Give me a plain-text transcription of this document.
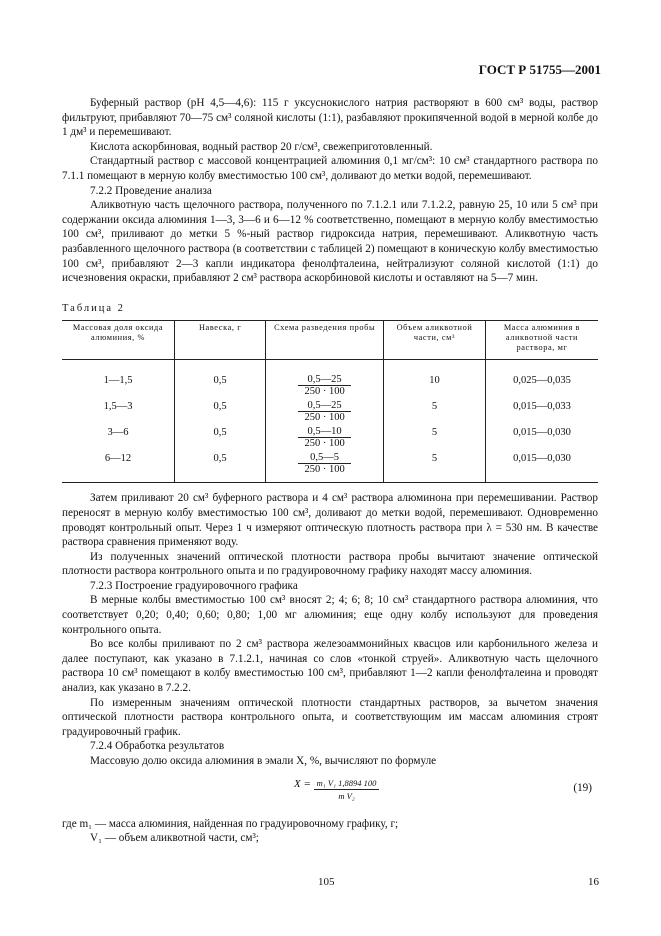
ГОСТ Р 51755—2001

Буферный раствор (pH 4,5—4,6): 115 г уксуснокислого натрия растворяют в 600 см³ воды, раствор фильтруют, прибавляют 70—75 см³ соляной кислоты (1:1), разбавляют прокипяченной водой в мерной колбе до 1 дм³ и перемешивают.

Кислота аскорбиновая, водный раствор 20 г/см³, свежеприготовленный.

Стандартный раствор с массовой концентрацией алюминия 0,1 мг/см³: 10 см³ стандартного раствора по 7.1.1 помещают в мерную колбу вместимостью 100 см³, доливают до метки водой, перемешивают.

7.2.2 Проведение анализа

Аликвотную часть щелочного раствора, полученного по 7.1.2.1 или 7.1.2.2, равную 25, 10 или 5 см³ при содержании оксида алюминия 1—3, 3—6 и 6—12 % соответственно, помещают в мерную колбу вместимостью 100 см³, приливают до метки 5 %-ный раствор гидроксида натрия, перемешивают. Аликвотную часть разбавленного щелочного раствора (в соответствии с таблицей 2) помещают в коническую колбу вместимостью 100 см³, прибавляют 2—3 капли индикатора фенолфталеина, нейтрализуют соляной кислотой (1:1) до исчезновения окраски, прибавляют 2 см³ раствора аскорбиновой кислоты и оставляют на 5—7 мин.

Таблица 2

Массовая доля оксида алюминия, %	Навеска, г	Схема разведения пробы	Объем аликвотной части, см³	Масса алюминия в аликвотной части раствора, мг
1—1,5	0,5	$\frac{0,5—25}{250 \cdot 100}$	10	0,025—0,035
1,5—3	0,5	$\frac{0,5—25}{250 \cdot 100}$	5	0,015—0,033
3—6	0,5	$\frac{0,5—10}{250 \cdot 100}$	5	0,015—0,030
6—12	0,5	$\frac{0,5—5}{250 \cdot 100}$	5	0,015—0,030

Затем приливают 20 см³ буферного раствора и 4 см³ раствора алюминона при перемешивании. Раствор переносят в мерную колбу вместимостью 100 см³, доливают до метки водой, перемешивают. Одновременно проводят контрольный опыт. Через 1 ч измеряют оптическую плотность раствора при λ = 530 нм. В качестве раствора сравнения применяют воду.

Из полученных значений оптической плотности раствора пробы вычитают значение оптической плотности раствора контрольного опыта и по градуировочному графику находят массу алюминия.

7.2.3 Построение градуировочного графика

В мерные колбы вместимостью 100 см³ вносят 2; 4; 6; 8; 10 см³ стандартного раствора алюминия, что соответствует 0,20; 0,40; 0,60; 0,80; 1,00 мг алюминия; еще одну колбу используют для проведения контрольного опыта.

Во все колбы приливают по 2 см³ раствора железоаммонийных квасцов или карбонильного железа и далее поступают, как указано в 7.1.2.1, начиная со слов «тонкой струей». Аликвотную часть щелочного раствора 10 см³ помещают в колбу вместимостью 100 см³, прибавляют 1—2 капли фенолфталеина и проводят анализ, как указано в 7.2.2.

По измеренным значениям оптической плотности стандартных растворов, за вычетом значения оптической плотности раствора контрольного опыта, и соответствующим им массам алюминия строят градуировочный график.

7.2.4 Обработка результатов

Массовую долю оксида алюминия в эмали X, %, вычисляют по формуле

$X = \frac{\text{m₁ V₁ 1,8894 100}}{\text{m V₂}}$	(19)

где m₁ — масса алюминия, найденная по градуировочному графику, г;

V₁ — объем аликвотной части, см³;

105	16
